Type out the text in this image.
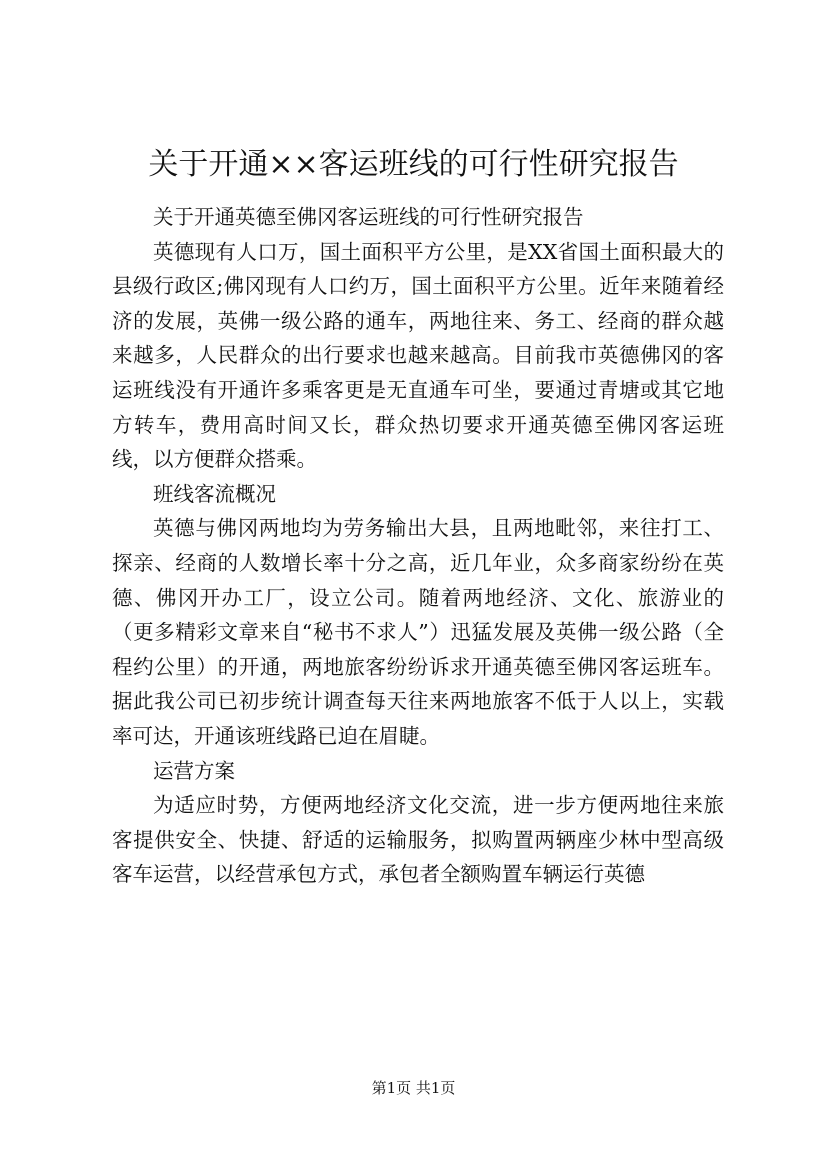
关于开通××客运班线的可行性研究报告

关于开通英德至佛冈客运班线的可行性研究报告

英德现有人口万，国土面积平方公里，是XX省国土面积最大的县级行政区;佛冈现有人口约万，国土面积平方公里。近年来随着经济的发展，英佛一级公路的通车，两地往来、务工、经商的群众越来越多，人民群众的出行要求也越来越高。目前我市英德佛冈的客运班线没有开通许多乘客更是无直通车可坐，要通过青塘或其它地方转车，费用高时间又长，群众热切要求开通英德至佛冈客运班线，以方便群众搭乘。

班线客流概况

英德与佛冈两地均为劳务输出大县，且两地毗邻，来往打工、探亲、经商的人数增长率十分之高，近几年业，众多商家纷纷在英德、佛冈开办工厂，设立公司。随着两地经济、文化、旅游业的（更多精彩文章来自“秘书不求人”）迅猛发展及英佛一级公路（全程约公里）的开通，两地旅客纷纷诉求开通英德至佛冈客运班车。据此我公司已初步统计调查每天往来两地旅客不低于人以上，实载率可达，开通该班线路已迫在眉睫。

运营方案

为适应时势，方便两地经济文化交流，进一步方便两地往来旅客提供安全、快捷、舒适的运输服务，拟购置两辆座少林中型高级客车运营，以经营承包方式，承包者全额购置车辆运行英德

第1页 共1页
